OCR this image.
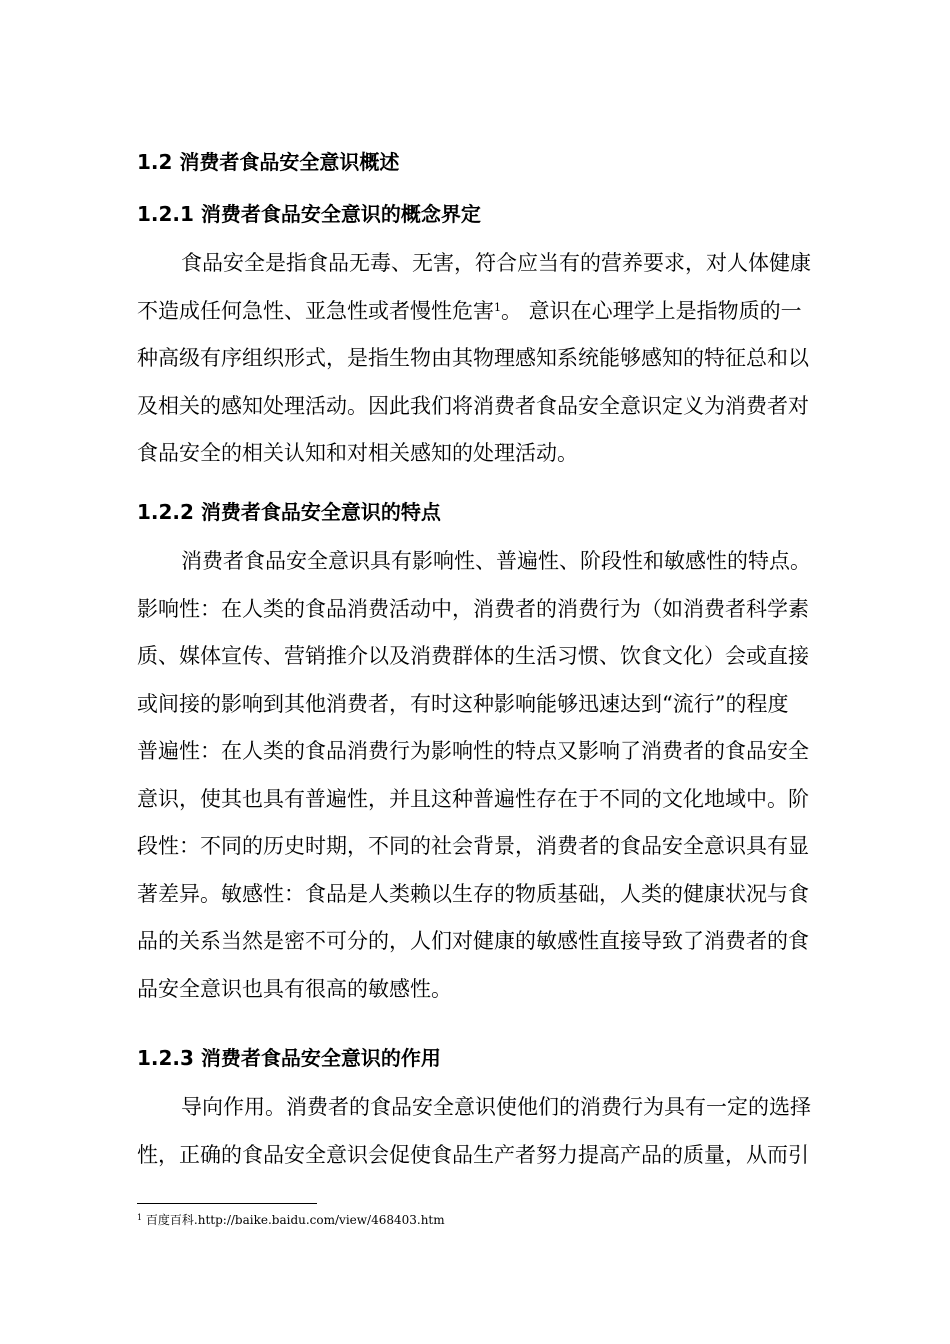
1.2 消费者食品安全意识概述
1.2.1 消费者食品安全意识的概念界定
食品安全是指食品无毒、无害，符合应当有的营养要求，对人体健康
不造成任何急性、亚急性或者慢性危害$^1$。 意识在心理学上是指物质的一
种高级有序组织形式，是指生物由其物理感知系统能够感知的特征总和以
及相关的感知处理活动。因此我们将消费者食品安全意识定义为消费者对
食品安全的相关认知和对相关感知的处理活动。
1.2.2 消费者食品安全意识的特点
消费者食品安全意识具有影响性、普遍性、阶段性和敏感性的特点。
影响性：在人类的食品消费活动中，消费者的消费行为（如消费者科学素
质、媒体宣传、营销推介以及消费群体的生活习惯、饮食文化）会或直接
或间接的影响到其他消费者，有时这种影响能够迅速达到“流行”的程度
普遍性：在人类的食品消费行为影响性的特点又影响了消费者的食品安全
意识，使其也具有普遍性，并且这种普遍性存在于不同的文化地域中。阶
段性：不同的历史时期，不同的社会背景，消费者的食品安全意识具有显
著差异。敏感性：食品是人类赖以生存的物质基础，人类的健康状况与食
品的关系当然是密不可分的，人们对健康的敏感性直接导致了消费者的食
品安全意识也具有很高的敏感性。
1.2.3 消费者食品安全意识的作用
导向作用。消费者的食品安全意识使他们的消费行为具有一定的选择
性，正确的食品安全意识会促使食品生产者努力提高产品的质量，从而引
$^1$ 百度百科.http://baike.baidu.com/view/468403.htm
